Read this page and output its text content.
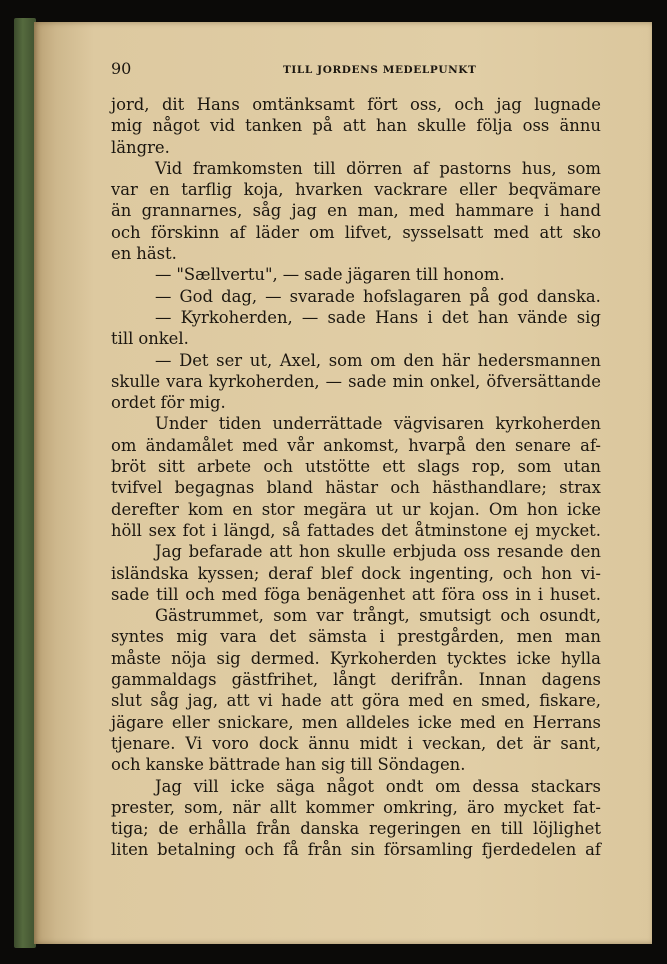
90	TILL JORDENS MEDELPUNKT
jord, dit Hans omtänksamt fört oss, och jag lugnade
mig något vid tanken på att han skulle följa oss ännu
längre.
Vid framkomsten till dörren af pastorns hus, som
var en tarflig koja, hvarken vackrare eller beqvämare
än grannarnes, såg jag en man, med hammare i hand
och förskinn af läder om lifvet, sysselsatt med att sko
en häst.
— "Sællvertu", — sade jägaren till honom.
— God dag, — svarade hofslagaren på god danska.
— Kyrkoherden, — sade Hans i det han vände sig
till onkel.
— Det ser ut, Axel, som om den här hedersmannen
skulle vara kyrkoherden, — sade min onkel, öfversättande
ordet för mig.
Under tiden underrättade vägvisaren kyrkoherden
om ändamålet med vår ankomst, hvarpå den senare af-
bröt sitt arbete och utstötte ett slags rop, som utan
tvifvel begagnas bland hästar och hästhandlare; strax
derefter kom en stor megära ut ur kojan. Om hon icke
höll sex fot i längd, så fattades det åtminstone ej mycket.
Jag befarade att hon skulle erbjuda oss resande den
isländska kyssen; deraf blef dock ingenting, och hon vi-
sade till och med föga benägenhet att föra oss in i huset.
Gästrummet, som var trångt, smutsigt och osundt,
syntes mig vara det sämsta i prestgården, men man
måste nöja sig dermed. Kyrkoherden tycktes icke hylla
gammaldags gästfrihet, långt derifrån. Innan dagens
slut såg jag, att vi hade att göra med en smed, fiskare,
jägare eller snickare, men alldeles icke med en Herrans
tjenare. Vi voro dock ännu midt i veckan, det är sant,
och kanske bättrade han sig till Söndagen.
Jag vill icke säga något ondt om dessa stackars
prester, som, när allt kommer omkring, äro mycket fat-
tiga; de erhålla från danska regeringen en till löjlighet
liten betalning och få från sin församling fjerdedelen af
